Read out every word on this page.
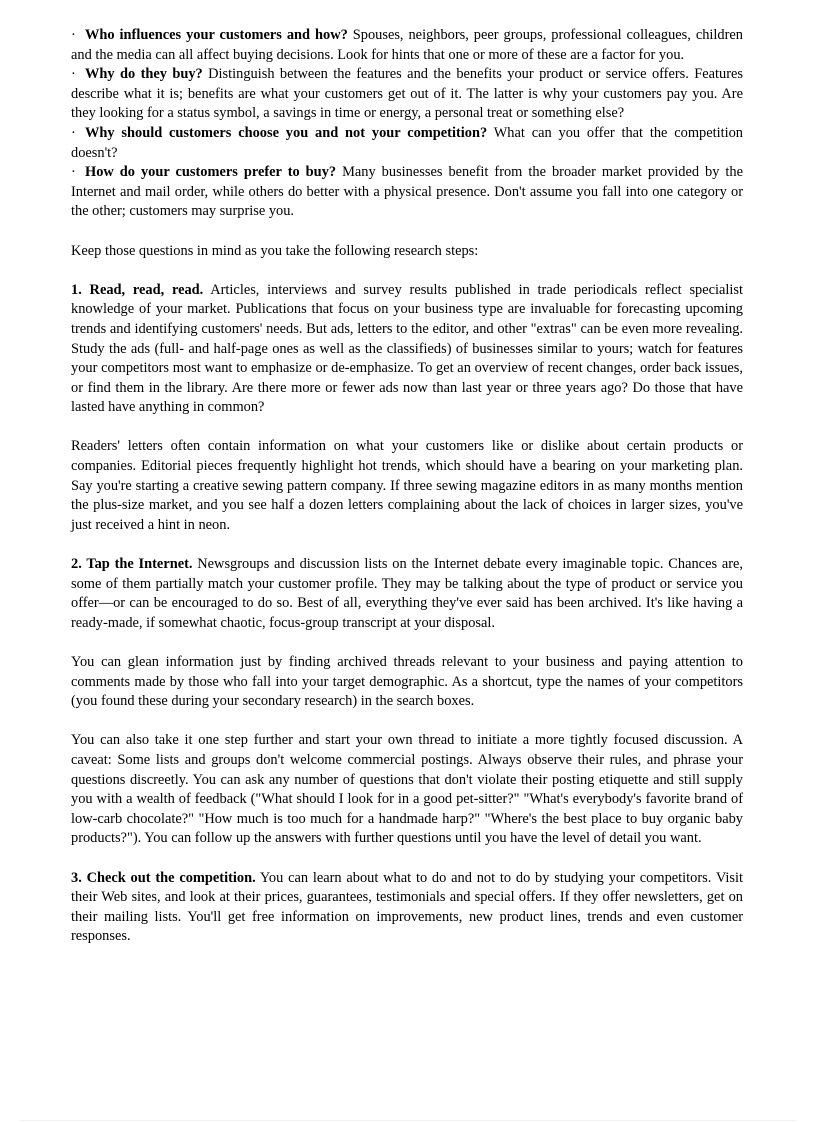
· Who influences your customers and how? Spouses, neighbors, peer groups, professional colleagues, children and the media can all affect buying decisions. Look for hints that one or more of these are a factor for you.

· Why do they buy? Distinguish between the features and the benefits your product or service offers. Features describe what it is; benefits are what your customers get out of it. The latter is why your customers pay you. Are they looking for a status symbol, a savings in time or energy, a personal treat or something else?

· Why should customers choose you and not your competition? What can you offer that the competition doesn't?

· How do your customers prefer to buy? Many businesses benefit from the broader market provided by the Internet and mail order, while others do better with a physical presence. Don't assume you fall into one category or the other; customers may surprise you.

Keep those questions in mind as you take the following research steps:

1. Read, read, read. Articles, interviews and survey results published in trade periodicals reflect specialist knowledge of your market. Publications that focus on your business type are invaluable for forecasting upcoming trends and identifying customers' needs. But ads, letters to the editor, and other "extras" can be even more revealing. Study the ads (full- and half-page ones as well as the classifieds) of businesses similar to yours; watch for features your competitors most want to emphasize or de-emphasize. To get an overview of recent changes, order back issues, or find them in the library. Are there more or fewer ads now than last year or three years ago? Do those that have lasted have anything in common?

Readers' letters often contain information on what your customers like or dislike about certain products or companies. Editorial pieces frequently highlight hot trends, which should have a bearing on your marketing plan. Say you're starting a creative sewing pattern company. If three sewing magazine editors in as many months mention the plus-size market, and you see half a dozen letters complaining about the lack of choices in larger sizes, you've just received a hint in neon.

2. Tap the Internet. Newsgroups and discussion lists on the Internet debate every imaginable topic. Chances are, some of them partially match your customer profile. They may be talking about the type of product or service you offer—or can be encouraged to do so. Best of all, everything they've ever said has been archived. It's like having a ready-made, if somewhat chaotic, focus-group transcript at your disposal.

You can glean information just by finding archived threads relevant to your business and paying attention to comments made by those who fall into your target demographic. As a shortcut, type the names of your competitors (you found these during your secondary research) in the search boxes.

You can also take it one step further and start your own thread to initiate a more tightly focused discussion. A caveat: Some lists and groups don't welcome commercial postings. Always observe their rules, and phrase your questions discreetly. You can ask any number of questions that don't violate their posting etiquette and still supply you with a wealth of feedback ("What should I look for in a good pet-sitter?" "What's everybody's favorite brand of low-carb chocolate?" "How much is too much for a handmade harp?" "Where's the best place to buy organic baby products?"). You can follow up the answers with further questions until you have the level of detail you want.

3. Check out the competition. You can learn about what to do and not to do by studying your competitors. Visit their Web sites, and look at their prices, guarantees, testimonials and special offers. If they offer newsletters, get on their mailing lists. You'll get free information on improvements, new product lines, trends and even customer responses.
